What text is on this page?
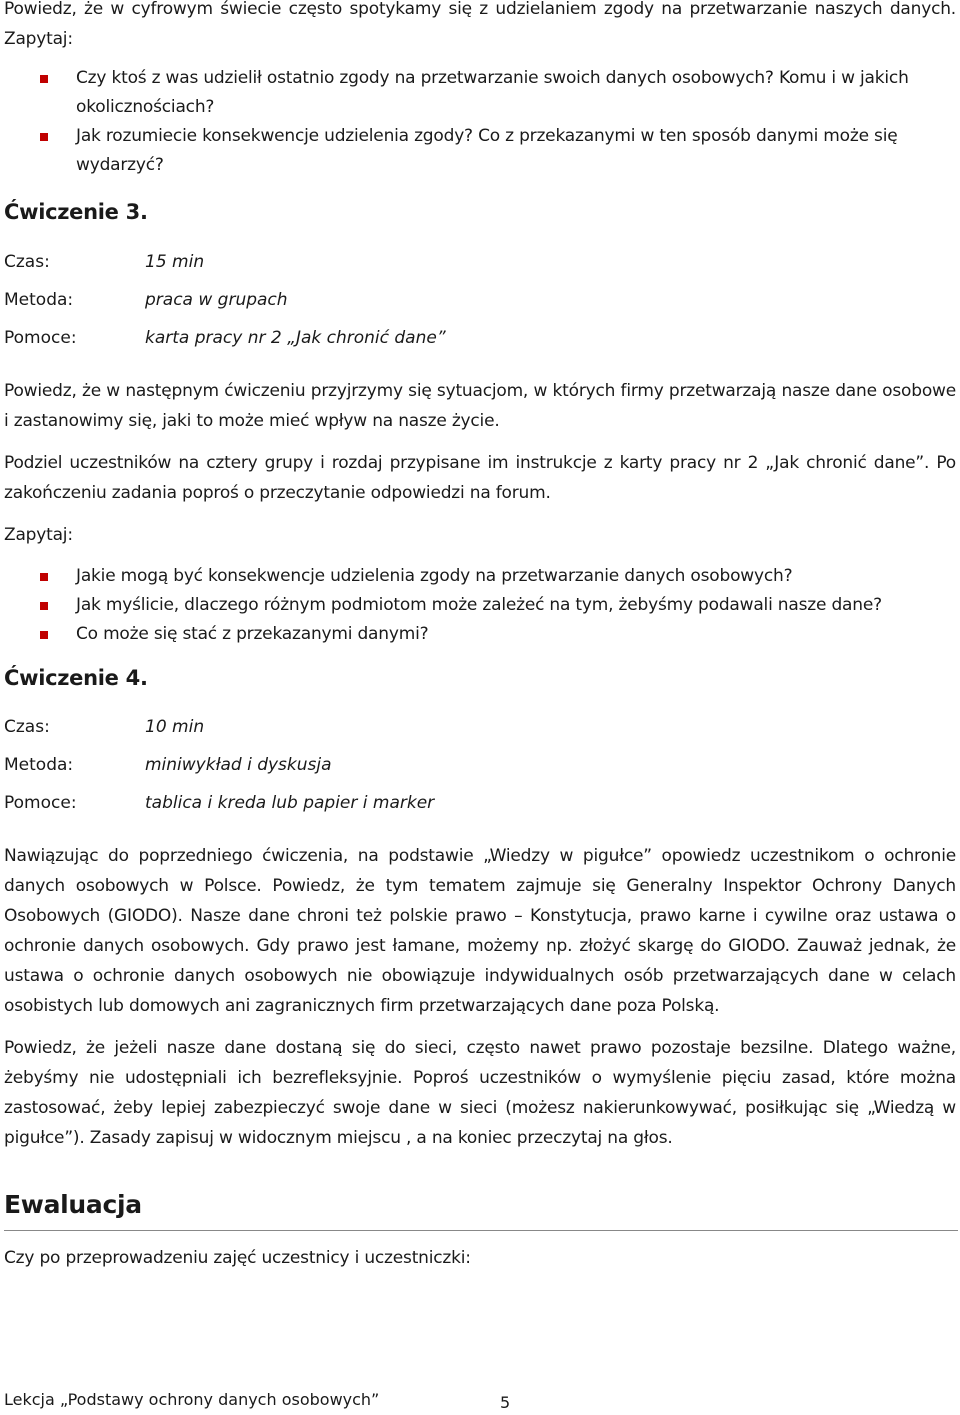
Powiedz, że w cyfrowym świecie często spotykamy się z udzielaniem zgody na przetwarzanie naszych danych. Zapytaj:

Czy ktoś z was udzielił ostatnio zgody na przetwarzanie swoich danych osobowych? Komu i w jakich okolicznościach?
Jak rozumiecie konsekwencje udzielenia zgody? Co z przekazanymi w ten sposób danymi może się wydarzyć?
Ćwiczenie 3.
Czas:	15 min
Metoda:	praca w grupach
Pomoce:	karta pracy nr 2 „Jak chronić dane”

Powiedz, że w następnym ćwiczeniu przyjrzymy się sytuacjom, w których firmy przetwarzają nasze dane osobowe i zastanowimy się, jaki to może mieć wpływ na nasze życie.

Podziel uczestników na cztery grupy i rozdaj przypisane im instrukcje z karty pracy nr 2 „Jak chronić dane”. Po zakończeniu zadania poproś o przeczytanie odpowiedzi na forum.

Zapytaj:

Jakie mogą być konsekwencje udzielenia zgody na przetwarzanie danych osobowych?
Jak myślicie, dlaczego różnym podmiotom może zależeć na tym, żebyśmy podawali nasze dane?
Co może się stać z przekazanymi danymi?
Ćwiczenie 4.
Czas:	10 min
Metoda:	miniwykład i dyskusja
Pomoce:	tablica i kreda lub papier i marker

Nawiązując do poprzedniego ćwiczenia, na podstawie „Wiedzy w pigułce” opowiedz uczestnikom o ochronie danych osobowych w Polsce. Powiedz, że tym tematem zajmuje się Generalny Inspektor Ochrony Danych Osobowych (GIODO). Nasze dane chroni też polskie prawo – Konstytucja, prawo karne i cywilne oraz ustawa o ochronie danych osobowych. Gdy prawo jest łamane, możemy np. złożyć skargę do GIODO. Zauważ jednak, że ustawa o ochronie danych osobowych nie obowiązuje indywidualnych osób przetwarzających dane w celach osobistych lub domowych ani zagranicznych firm przetwarzających dane poza Polską.

Powiedz, że jeżeli nasze dane dostaną się do sieci, często nawet prawo pozostaje bezsilne. Dlatego ważne, żebyśmy nie udostępniali ich bezrefleksyjnie. Poproś uczestników o wymyślenie pięciu zasad, które można zastosować, żeby lepiej zabezpieczyć swoje dane w sieci (możesz nakierunkowywać, posiłkując się „Wiedzą w pigułce”). Zasady zapisuj w widocznym miejscu , a na koniec przeczytaj na głos.

Ewaluacja

Czy po przeprowadzeniu zajęć uczestnicy i uczestniczki:

Lekcja „Podstawy ochrony danych osobowych”	5
